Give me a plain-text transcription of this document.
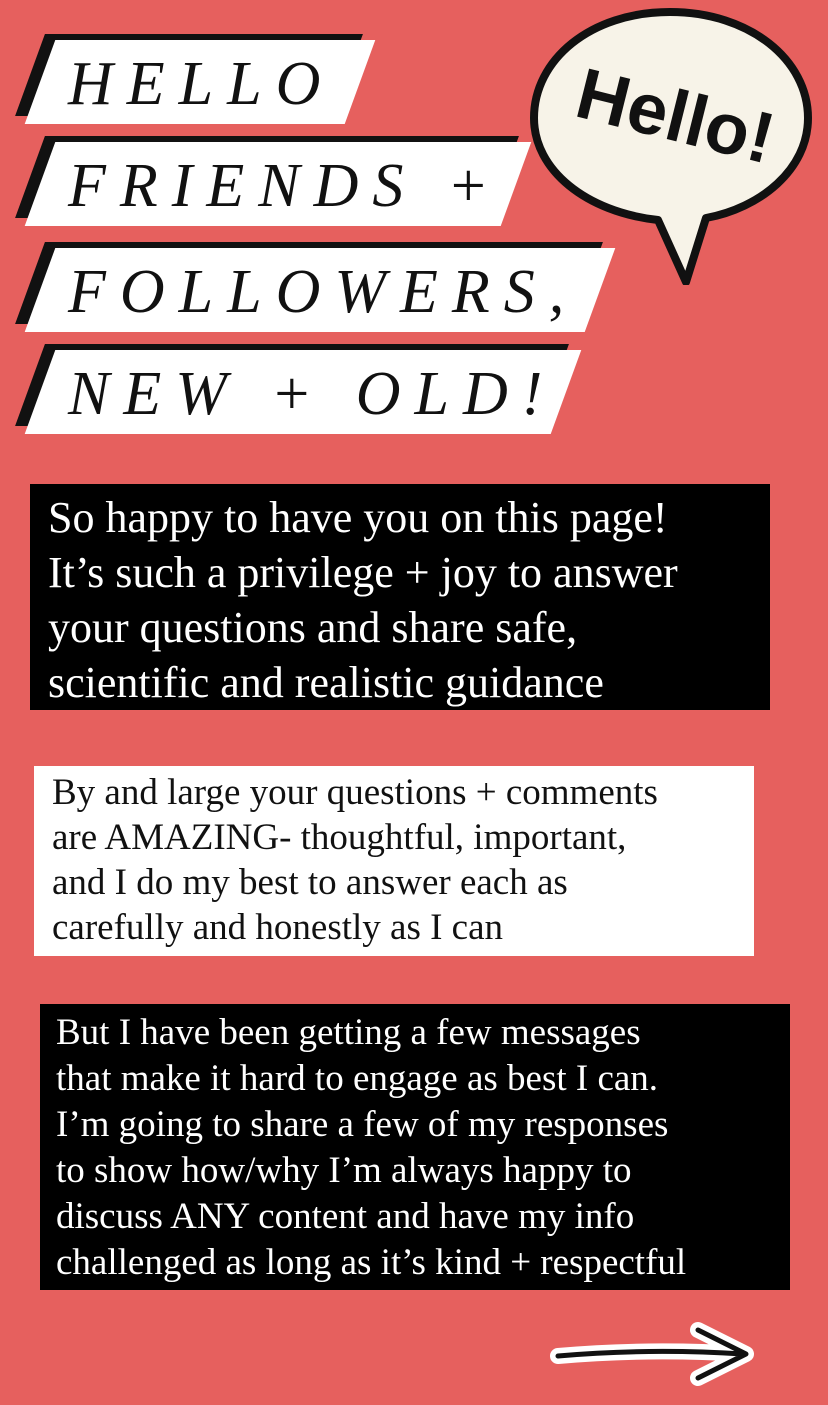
HELLO
FRIENDS +
FOLLOWERS,
NEW + OLD!
Hello!

So happy to have you on this page!

It’s such a privilege + joy to answer

your questions and share safe,

scientific and realistic guidance

By and large your questions + comments

are AMAZING- thoughtful, important,

and I do my best to answer each as

carefully and honestly as I can

But I have been getting a few messages

that make it hard to engage as best I can.

I’m going to share a few of my responses

to show how/why I’m always happy to

discuss ANY content and have my info

challenged as long as it’s kind + respectful
